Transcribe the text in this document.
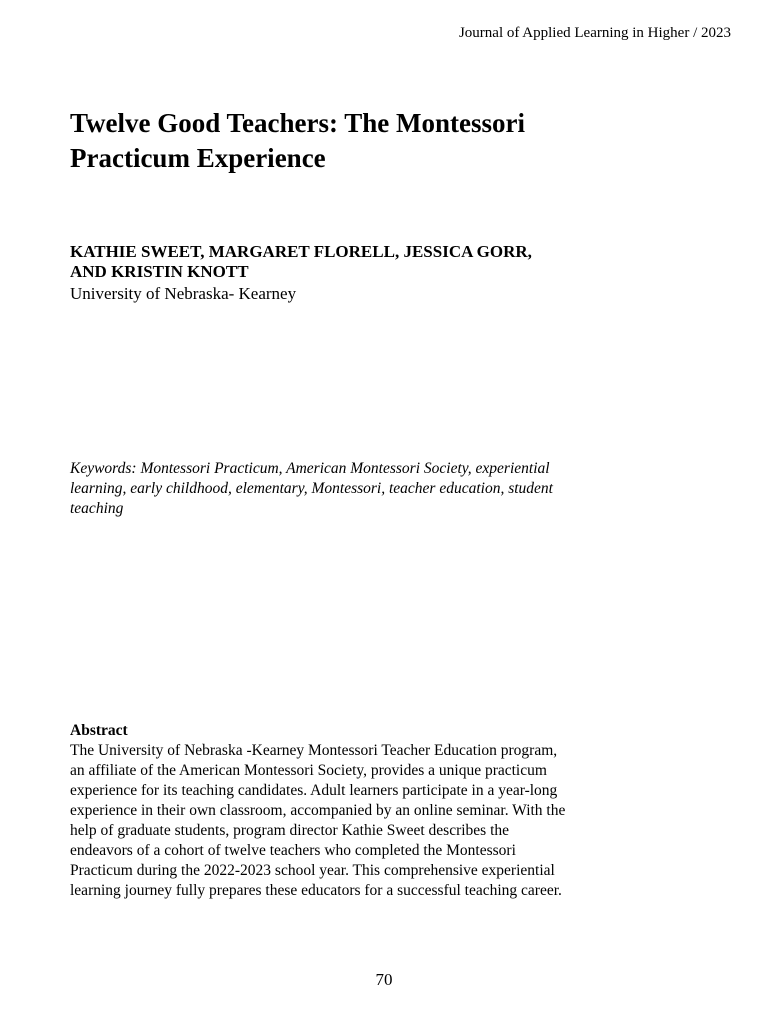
Journal of Applied Learning in Higher / 2023
Twelve Good Teachers: The Montessori
Practicum Experience
KATHIE SWEET, MARGARET FLORELL, JESSICA GORR,
AND KRISTIN KNOTT
University of Nebraska- Kearney
Keywords: Montessori Practicum, American Montessori Society, experiential
learning, early childhood, elementary, Montessori, teacher education, student
teaching
Abstract
The University of Nebraska -Kearney Montessori Teacher Education program,
an affiliate of the American Montessori Society, provides a unique practicum
experience for its teaching candidates. Adult learners participate in a year-long
experience in their own classroom, accompanied by an online seminar. With the
help of graduate students, program director Kathie Sweet describes the
endeavors of a cohort of twelve teachers who completed the Montessori
Practicum during the 2022-2023 school year. This comprehensive experiential
learning journey fully prepares these educators for a successful teaching career.
70
